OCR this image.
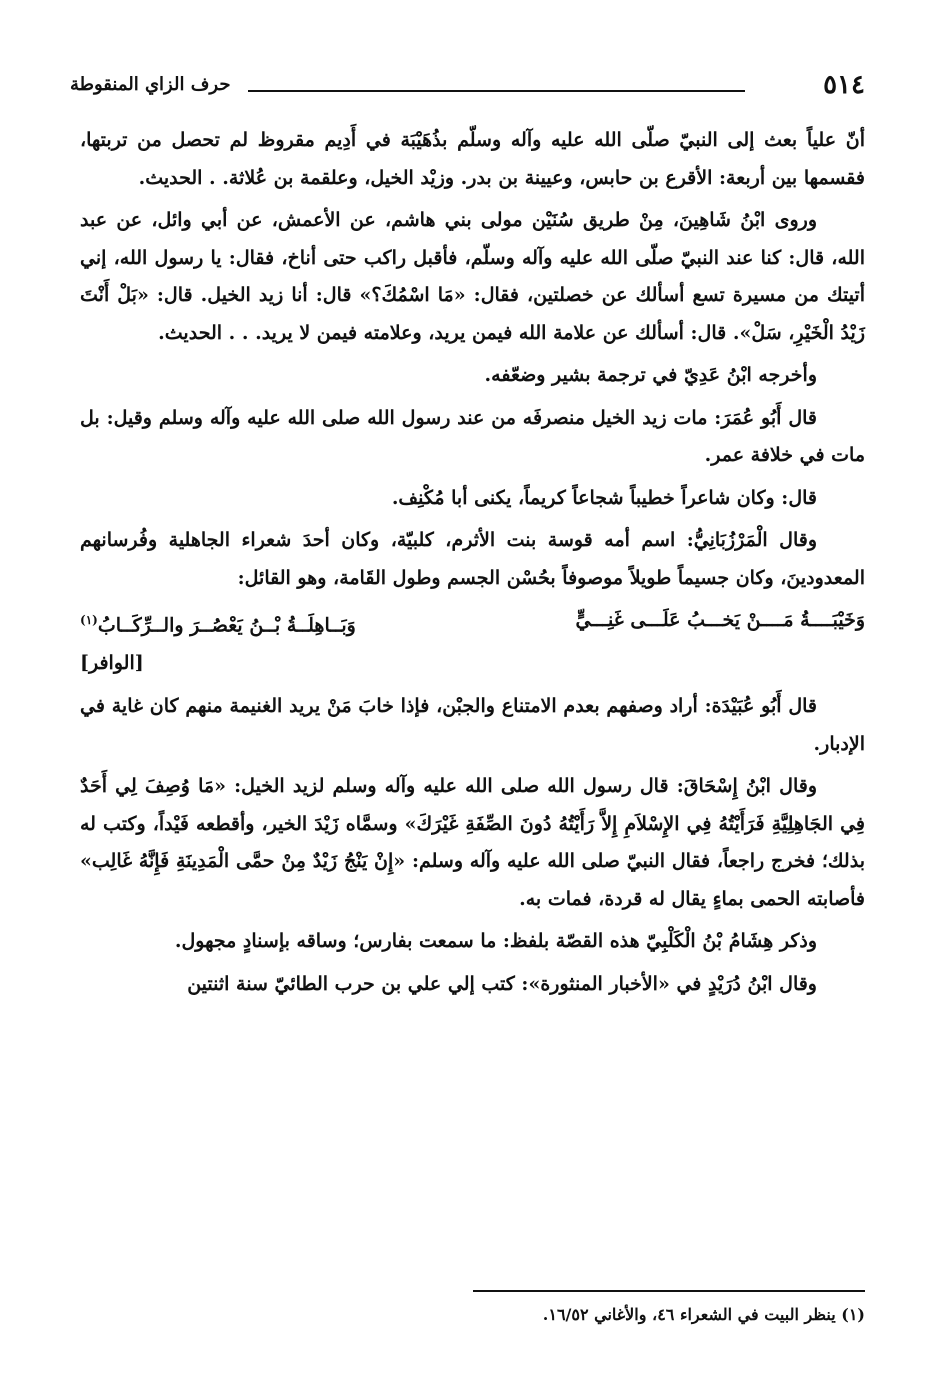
٥١٤
حرف الزاي المنقوطة

أنّ علياً بعث إلى النبيّ صلّى الله عليه وآله وسلّم بذُهَيْبَة في أَدِيم مقروظ لم تحصل من تربتها، فقسمها بين أربعة: الأقرع بن حابس، وعيينة بن بدر. وزيْد الخيل، وعلقمة بن عُلاثة. . الحديث.

وروى ابْنُ شَاهِينَ، مِنْ طريق سُنَيْن مولى بني هاشم، عن الأعمش، عن أبي وائل، عن عبد الله، قال: كنا عند النبيّ صلّى الله عليه وآله وسلّم، فأقبل راكب حتى أناخ، فقال: يا رسول الله، إني أتيتك من مسيرة تسع أسألك عن خصلتين، فقال: «مَا اسْمُكَ؟» قال: أنا زيد الخيل. قال: «بَلْ أَنْتَ زَيْدُ الْخَيْرِ، سَلْ». قال: أسألك عن علامة الله فيمن يريد، وعلامته فيمن لا يريد. . . الحديث.

وأخرجه ابْنُ عَدِيّ في ترجمة بشير وضعّفه.

قال أَبُو عُمَرَ: مات زيد الخيل منصرفَه من عند رسول الله صلى الله عليه وآله وسلم وقيل: بل مات في خلافة عمر.

قال: وكان شاعراً خطيباً شجاعاً كريماً، يكنى أبا مُكْنِف.

وقال الْمَرْزُبَانِيُّ: اسم أمه قوسة بنت الأثرم، كلبيّة، وكان أحدَ شعراء الجاهلية وفُرسانهم المعدودينَ، وكان جسيماً طويلاً موصوفاً بحُسْن الجسم وطول القَامة، وهو القائل:

وَخَيْبَــــةُ مَــــنْ يَخـــبُ عَلَـــى غَنِـــيٍّ
وَبَــاهِلَــةُ بْــنُ يَعْصُــرَ والــرِّكَــابُ$^{(١)}$
[الوافر]

قال أَبُو عُبَيْدَة: أراد وصفهم بعدم الامتناع والجبْن، فإذا خابَ مَنْ يريد الغنيمة منهم كان غاية في الإدبار.

وقال ابْنُ إِسْحَاقَ: قال رسول الله صلى الله عليه وآله وسلم لزيد الخيل: «مَا وُصِفَ لِي أَحَدٌ فِي الجَاهِلِيَّةِ فَرَأَيْتُهُ فِي الإِسْلاَمِ إِلاَّ رَأَيْتُهُ دُونَ الصِّفَةِ غَيْرَكَ» وسمَّاه زَيْدَ الخير، وأقطعه فَيْداً، وكتب له بذلك؛ فخرج راجعاً، فقال النبيّ صلى الله عليه وآله وسلم: «إِنْ يَنْجُ زَيْدٌ مِنْ حمَّى الْمَدِينَةِ فَإِنَّهُ غَالِب» فأصابته الحمى بماءٍ يقال له قردة، فمات به.

وذكر هِشَامُ بْنُ الْكَلْبِيّ هذه القصّة بلفظ: ما سمعت بفارس؛ وساقه بإسنادٍ مجهول.

وقال ابْنُ دُرَيْدٍ في «الأخبار المنثورة»: كتب إلي علي بن حرب الطائيّ سنة اثنتين

(١) ينظر البيت في الشعراء ٤٦، والأغاني ١٦/٥٢.
